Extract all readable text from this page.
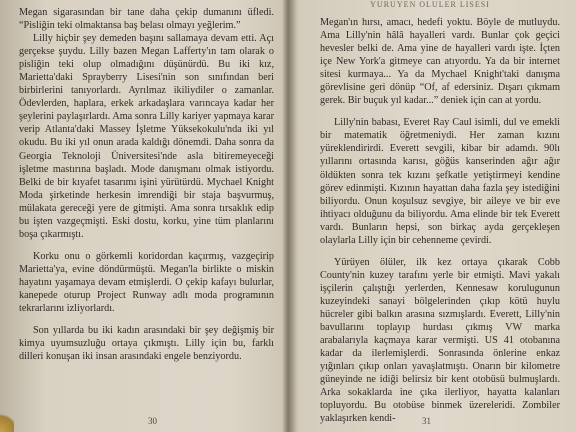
YURUYEN OLULER LISESI

Megan sigarasından bir tane daha çekip dumanını üfledi. “Pisliğin teki olmaktansa baş belası olmayı yeğlerim.”

Lilly hiçbir şey demeden başını sallamaya devam etti. Açı gerçekse şuydu. Lilly bazen Megan Lafferty'ın tam olarak o pisliğin teki olup olmadığını düşünürdü. Bu iki kız, Marietta'daki Sprayberry Lisesi'nin son sınıfından beri birbirlerini tanıyorlardı. Ayrılmaz ikiliydiler o zamanlar. Ödevlerden, haplara, erkek arkadaşlara varıncaya kadar her şeylerini paylaşırlardı. Ama sonra Lilly kariyer yapmaya karar verip Atlanta'daki Massey İşletme Yüksekokulu'nda iki yıl okudu. Bu iki yıl onun arada kaldığı dönemdi. Daha sonra da Georgia Teknoloji Üniversitesi'nde asla bitiremeyeceği işletme mastırına başladı. Mode danışmanı olmak istiyordu. Belki de bir kıyafet tasarımı işini yürütürdü. Mychael Knight Moda şirketinde herkesin imrendiği bir staja başvurmuş, mülakata gereceği yere de gitmişti. Ama sonra tırsaklık edip bu işten vazgeçmişti. Eski dostu, korku, yine tüm planlarını boşa çıkarmıştı.

Korku onu o görkemli koridordan kaçırmış, vazgeçirip Marietta'ya, evine döndürmüştü. Megan'la birlikte o miskin hayatını yaşamaya devam etmişlerdi. O çekip kafayı bulurlar, kanepede oturup Project Runway adlı moda programının tekrarlarını izliyorlardı.

Son yıllarda bu iki kadın arasındaki bir şey değişmiş bir kimya uyumsuzluğu ortaya çıkmıştı. Lilly için bu, farklı dilleri konuşan iki insan arasındaki engele benziyordu.

Megan'ın hırsı, amacı, hedefi yoktu. Böyle de mutluydu. Ama Lilly'nin hâlâ hayalleri vardı. Bunlar çok geçici hevesler belki de. Ama yine de hayalleri vardı işte. İçten içe New York'a gitmeye can atıyordu. Ya da bir internet sitesi kurmaya... Ya da Mychael Knight'taki danışma görevlisine geri dönüp “Of, af edersiniz. Dışarı çıkmam gerek. Bir buçuk yıl kadar...” deniek için can at yordu.

Lilly'nin babası, Everet Ray Caul isimli, dul ve emekli bir matematik öğretmeniydi. Her zaman kızını yüreklendirirdi. Everett sevgili, kibar bir adamdı. 90lı yıllarını ortasında karısı, göğüs kanserinden ağır ağır öldükten sonra tek kızını şefkatle yetiştirmeyi kendine görev edinmişti. Kızının hayattan daha fazla şey istediğini biliyordu. Onun koşulsuz sevgiye, bir aileye ve bir eve ihtiyacı olduğunu da biliyordu. Ama elinde bir tek Everett vardı. Bunların hepsi, son birkaç ayda gerçekleşen olaylarla Lilly için bir cehenneme çevirdi.

Yürüyen ölüler, ilk kez ortaya çıkarak Cobb County'nin kuzey tarafını yerle bir etmişti. Mavi yakalı işçilerin çalıştığı yerlerden, Kennesaw korulugunun kuzeyindeki sanayi bölgelerinden çıkıp kötü huylu hücreler gibi balkın arasına sızmışlardı. Everett, Lilly'nin bavullarını toplayıp hurdası çıkmış VW marka arabalarıyla kaçmaya karar vermişti. US 41 otobanına kadar da ilerlemişlerdi. Sonrasında önlerine enkaz yığınları çıkıp onları yavaşlatmıştı. Onarın bir kilometre güneyinde ne idiği belirsiz bir kent otobüsü bulmuşlardı. Arka sokaklarda ine çıka ilerliyor, hayatta kalanları topluyordu. Bu otobüse binmek üzereleridi. Zombiler yaklaşırken kendi-

30	31
